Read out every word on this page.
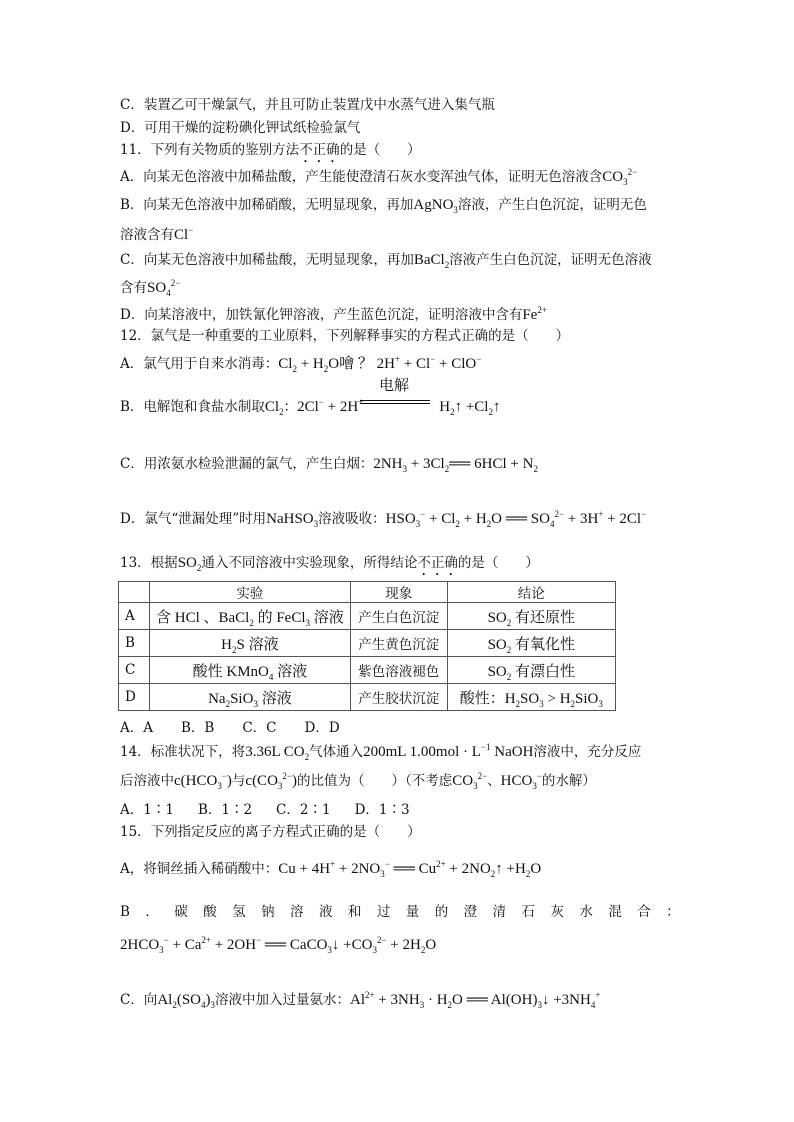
C．装置乙可干燥氯气，并且可防止装置戊中水蒸气进入集气瓶
D．可用干燥的淀粉碘化钾试纸检验氯气
11．下列有关物质的鉴别方法不正确的是（　　）
A．向某无色溶液中加稀盐酸，产生能使澄清石灰水变浑浊气体，证明无色溶液含$CO_3^{2-}$
B．向某无色溶液中加稀硝酸，无明显现象，再加AgNO$_3$溶液，产生白色沉淀，证明无色
溶液含有Cl−
C．向某无色溶液中加稀盐酸，无明显现象，再加BaCl$_2$溶液产生白色沉淀，证明无色溶液
含有$SO_4^{2-}$
D．向某溶液中，加铁氰化钾溶液，产生蓝色沉淀，证明溶液中含有$Fe^{2+}$
12．氯气是一种重要的工业原料，下列解释事实的方程式正确的是（　　）
A．氯气用于自来水消毒：$Cl_2 + H_2O$噲 ？ 2H+ + Cl− + ClO−
电解
B．电解饱和食盐水制取$Cl_2$：2Cl− + 2H+	$H_2↑$ $+Cl_2↑$
C．用浓氨水检验泄漏的氯气，产生白烟：$2NH_3$ + $3Cl_2══$ $6HCl + N_2$
D．氯气“泄漏处理”时用NaHSO$_3$溶液吸收：$HSO_3^- + Cl_2 + H_2O$ ══ $SO_4^{2-} + 3H^+ + 2Cl^-$
13．根据$SO_2$通入不同溶液中实验现象，所得结论不正确的是（　　）
	实验	现象	结论
A	含 HCl 、BaCl$_2$ 的 FeCl$_3$ 溶液	产生白色沉淀	$SO_2$ 有还原性
B	$H_2S$ 溶液	产生黄色沉淀	$SO_2$ 有氧化性
C	酸性 KMnO$_4$ 溶液	紫色溶液褪色	$SO_2$ 有漂白性
D	$Na_2SiO_3$ 溶液	产生胶状沉淀	酸性：$H_2SO_3 > H_2SiO_3$
A．A B．B C．C D．D
14．标准状况下，将3.36L $CO_2$气体通入200mL $1.00mol \cdot L^{-1}$ NaOH溶液中，充分反应
后溶液中$c(HCO_3^-)$与$c(CO_3^{2-})$的比值为（　　）（不考虑$CO_3^{2-}$、$HCO_3^-$的水解）
A．1∶1 B．1∶2 C．2∶1 D．1∶3
15．下列指定反应的离子方程式正确的是（　　）
A，将铜丝插入稀硝酸中：$Cu + 4H^+ + 2NO_3^-$ ══ $Cu^{2+}$ + $2NO_2↑ +H_2O$
B ． 碳 酸 氢 钠 溶 液 和 过 量 的 澄 清 石 灰 水 混 合 ：
$2HCO_3^- + Ca^{2+} + 2OH^-$ ══ CaCO$_3$↓ $+CO_3^{2-} + 2H_2O$
C．向$Al_2(SO_4)_3$溶液中加入过量氨水：$Al^{2+} + 3NH_3 \cdot H_2O$ ══ $Al(OH)_3↓ +3NH_4^+$
